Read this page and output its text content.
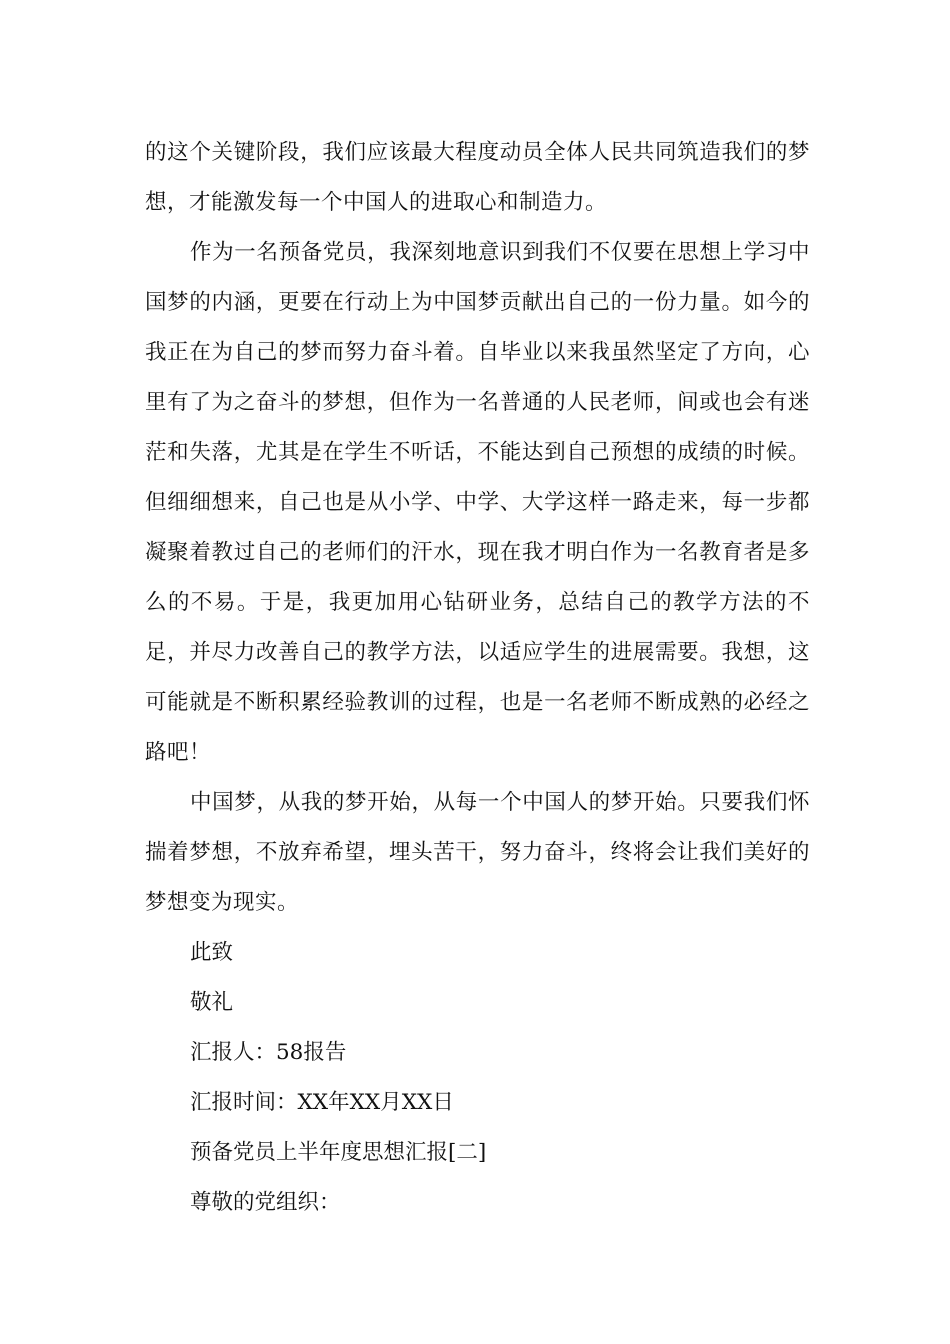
的这个关键阶段，我们应该最大程度动员全体人民共同筑造我们的梦想，才能激发每一个中国人的进取心和制造力。

作为一名预备党员，我深刻地意识到我们不仅要在思想上学习中国梦的内涵，更要在行动上为中国梦贡献出自己的一份力量。如今的我正在为自己的梦而努力奋斗着。自毕业以来我虽然坚定了方向，心里有了为之奋斗的梦想，但作为一名普通的人民老师，间或也会有迷茫和失落，尤其是在学生不听话，不能达到自己预想的成绩的时候。但细细想来，自己也是从小学、中学、大学这样一路走来，每一步都凝聚着教过自己的老师们的汗水，现在我才明白作为一名教育者是多么的不易。于是，我更加用心钻研业务，总结自己的教学方法的不足，并尽力改善自己的教学方法，以适应学生的进展需要。我想，这可能就是不断积累经验教训的过程，也是一名老师不断成熟的必经之路吧！

中国梦，从我的梦开始，从每一个中国人的梦开始。只要我们怀揣着梦想，不放弃希望，埋头苦干，努力奋斗，终将会让我们美好的梦想变为现实。

此致

敬礼

汇报人：58报告

汇报时间：XX年XX月XX日

预备党员上半年度思想汇报[二]

尊敬的党组织：
